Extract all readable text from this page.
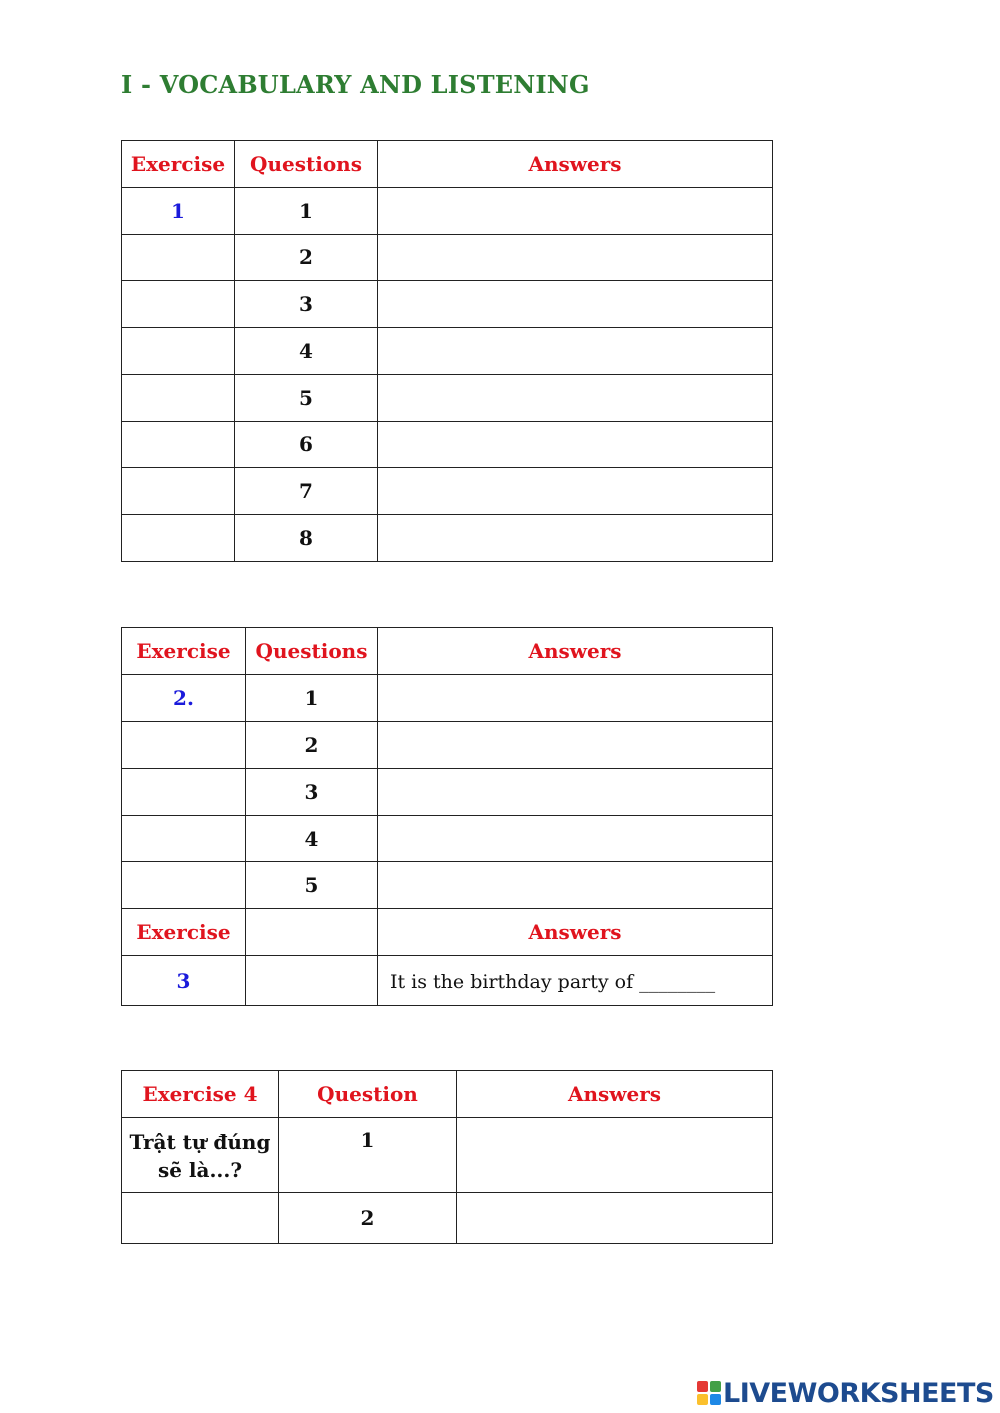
I - VOCABULARY AND LISTENING
Exercise	Questions	Answers
1	1	

	2	

	3	

	4	

	5	

	6	

	7	

	8	
Exercise	Questions	Answers
2.	1	

	2	

	3	

	4	

	5	

Exercise		Answers
3		It is the birthday party of ________
Exercise 4	Question	Answers

Trật tự đúng
sẽ là...?	1	

	2	
LIVEWORKSHEETS
